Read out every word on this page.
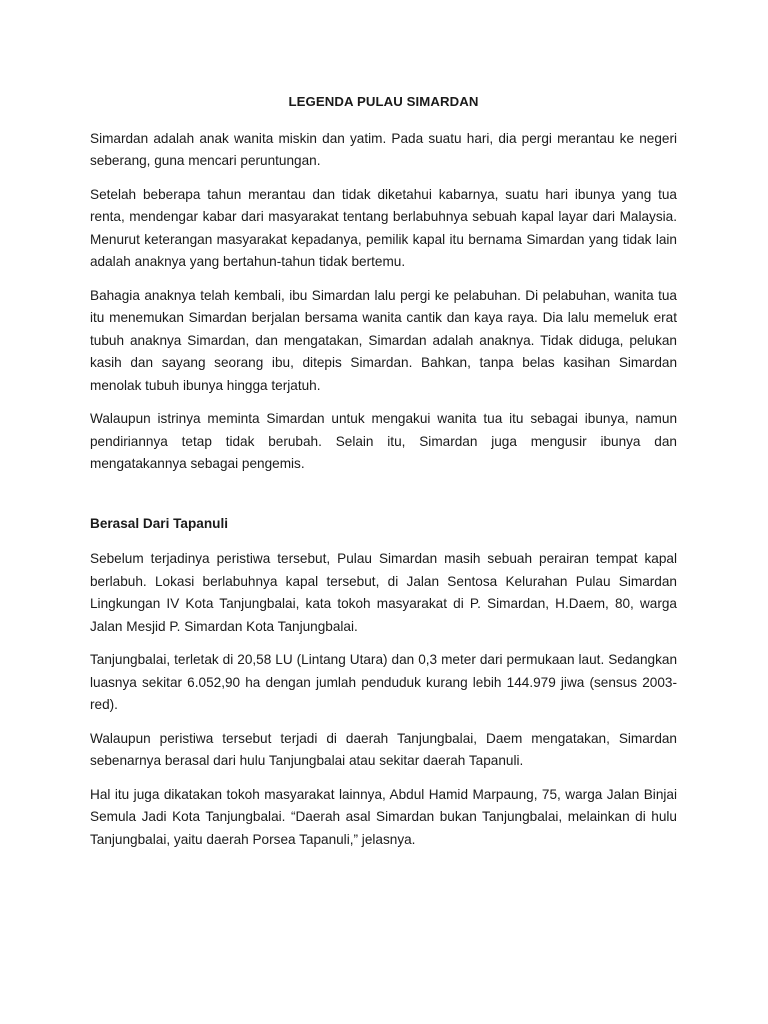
LEGENDA PULAU SIMARDAN

Simardan adalah anak wanita miskin dan yatim. Pada suatu hari, dia pergi merantau ke negeri seberang, guna mencari peruntungan.

Setelah beberapa tahun merantau dan tidak diketahui kabarnya, suatu hari ibunya yang tua renta, mendengar kabar dari masyarakat tentang berlabuhnya sebuah kapal layar dari Malaysia. Menurut keterangan masyarakat kepadanya, pemilik kapal itu bernama Simardan yang tidak lain adalah anaknya yang bertahun-tahun tidak bertemu.

Bahagia anaknya telah kembali, ibu Simardan lalu pergi ke pelabuhan. Di pelabuhan, wanita tua itu menemukan Simardan berjalan bersama wanita cantik dan kaya raya. Dia lalu memeluk erat tubuh anaknya Simardan, dan mengatakan, Simardan adalah anaknya. Tidak diduga, pelukan kasih dan sayang seorang ibu, ditepis Simardan. Bahkan, tanpa belas kasihan Simardan menolak tubuh ibunya hingga terjatuh.

Walaupun istrinya meminta Simardan untuk mengakui wanita tua itu sebagai ibunya, namun pendiriannya tetap tidak berubah. Selain itu, Simardan juga mengusir ibunya dan mengatakannya sebagai pengemis.

Berasal Dari Tapanuli

Sebelum terjadinya peristiwa tersebut, Pulau Simardan masih sebuah perairan tempat kapal berlabuh. Lokasi berlabuhnya kapal tersebut, di Jalan Sentosa Kelurahan Pulau Simardan Lingkungan IV Kota Tanjungbalai, kata tokoh masyarakat di P. Simardan, H.Daem, 80, warga Jalan Mesjid P. Simardan Kota Tanjungbalai.

Tanjungbalai, terletak di 20,58 LU (Lintang Utara) dan 0,3 meter dari permukaan laut. Sedangkan luasnya sekitar 6.052,90 ha dengan jumlah penduduk kurang lebih 144.979 jiwa (sensus 2003-red).

Walaupun peristiwa tersebut terjadi di daerah Tanjungbalai, Daem mengatakan, Simardan sebenarnya berasal dari hulu Tanjungbalai atau sekitar daerah Tapanuli.

Hal itu juga dikatakan tokoh masyarakat lainnya, Abdul Hamid Marpaung, 75, warga Jalan Binjai Semula Jadi Kota Tanjungbalai. “Daerah asal Simardan bukan Tanjungbalai, melainkan di hulu Tanjungbalai, yaitu daerah Porsea Tapanuli,” jelasnya.
